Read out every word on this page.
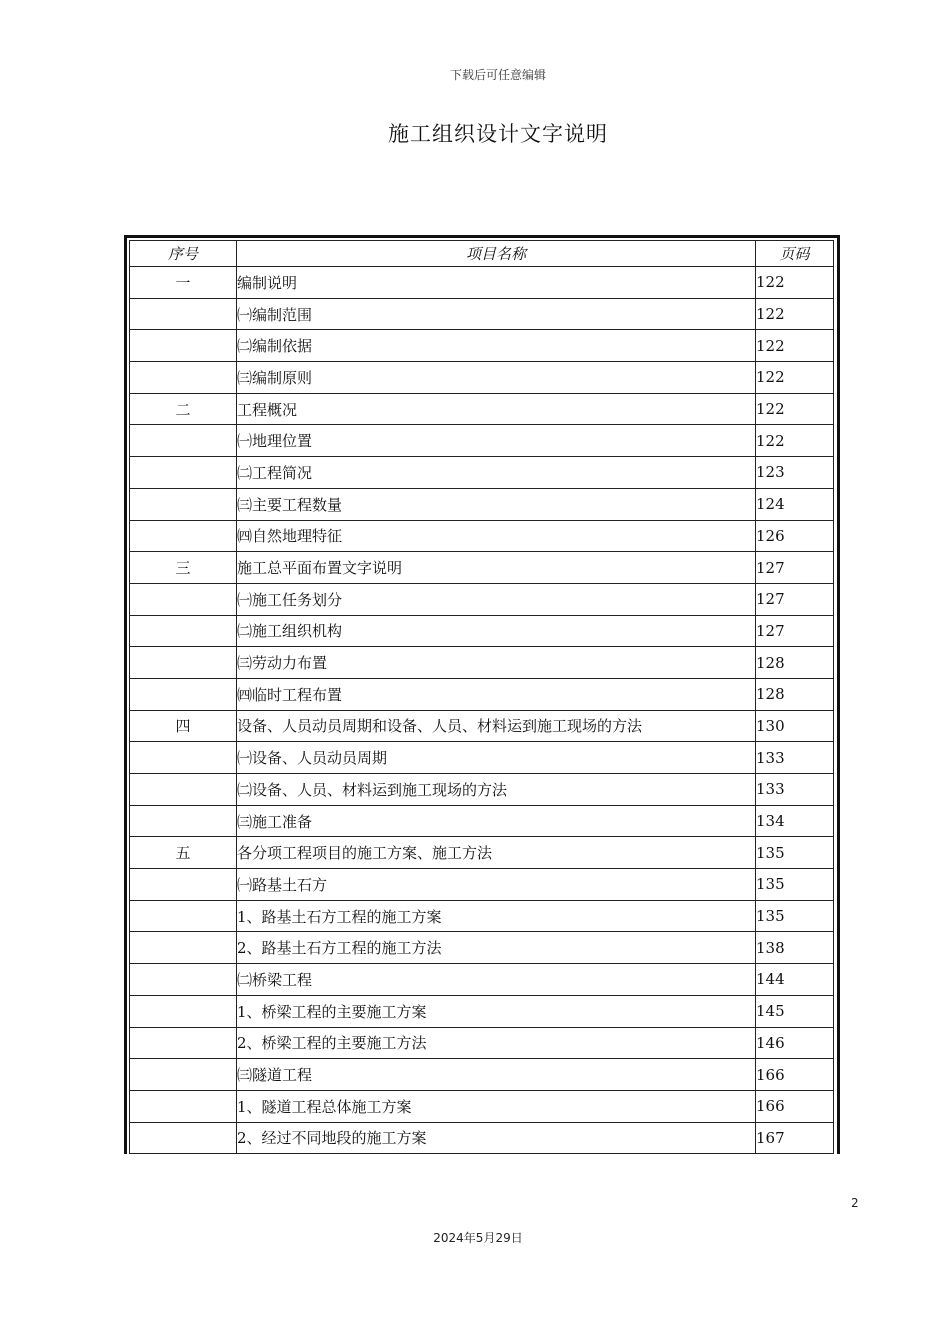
下载后可任意编辑
施工组织设计文字说明
序号	项目名称	页码
一	编制说明	122
	㈠编制范围	122
	㈡编制依据	122
	㈢编制原则	122
二	工程概况	122
	㈠地理位置	122
	㈡工程简况	123
	㈢主要工程数量	124
	㈣自然地理特征	126
三	施工总平面布置文字说明	127
	㈠施工任务划分	127
	㈡施工组织机构	127
	㈢劳动力布置	128
	㈣临时工程布置	128
四	设备、人员动员周期和设备、人员、材料运到施工现场的方法	130
	㈠设备、人员动员周期	133
	㈡设备、人员、材料运到施工现场的方法	133
	㈢施工准备	134
五	各分项工程项目的施工方案、施工方法	135
	㈠路基土石方	135
	1、路基土石方工程的施工方案	135
	2、路基土石方工程的施工方法	138
	㈡桥梁工程	144
	1、桥梁工程的主要施工方案	145
	2、桥梁工程的主要施工方法	146
	㈢隧道工程	166
	1、隧道工程总体施工方案	166
	2、经过不同地段的施工方案	167
2
2024年5月29日
